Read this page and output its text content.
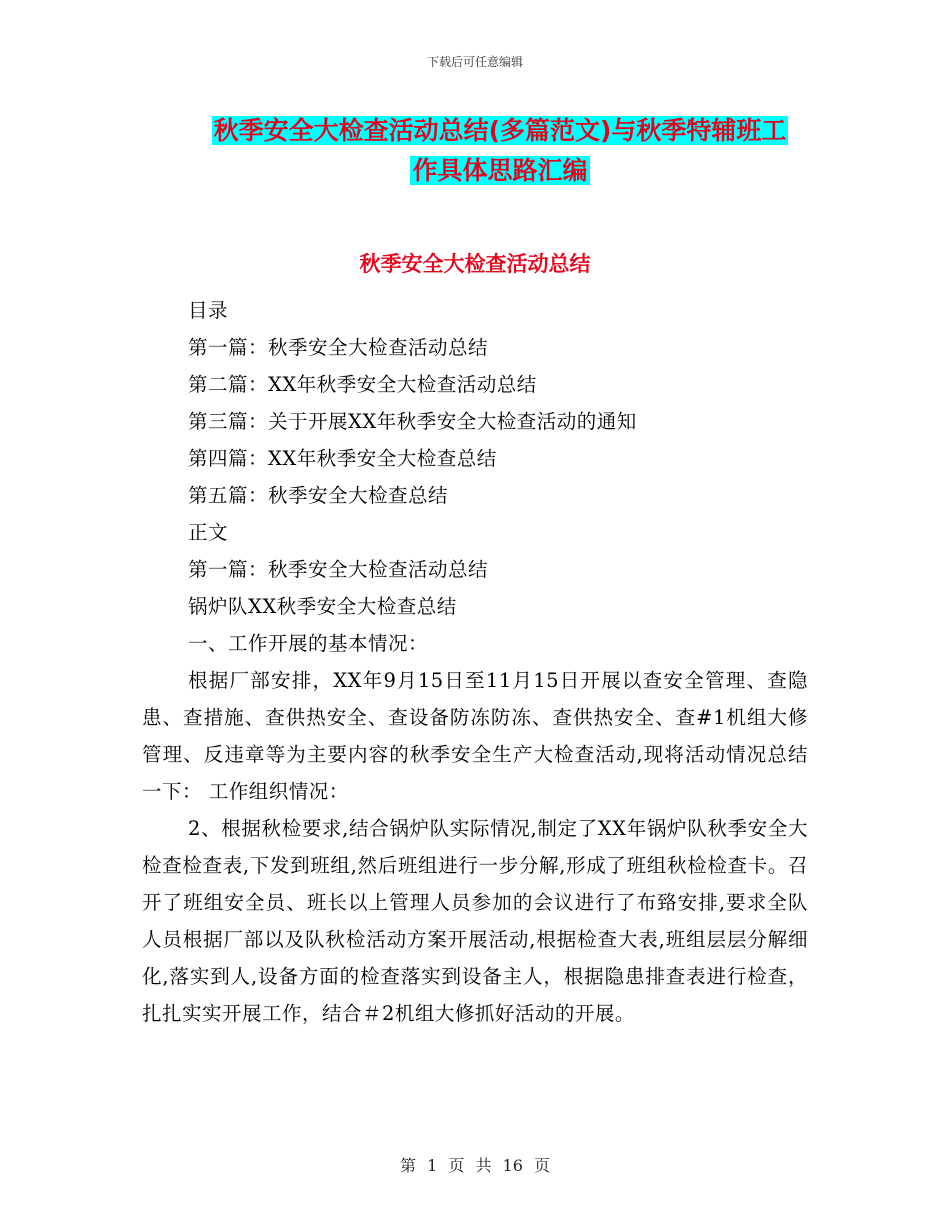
下载后可任意编辑
秋季安全大检查活动总结(多篇范文)与秋季特辅班工
作具体思路汇编
秋季安全大检查活动总结

目录

第一篇：秋季安全大检查活动总结

第二篇：XX年秋季安全大检查活动总结

第三篇：关于开展XX年秋季安全大检查活动的通知

第四篇：XX年秋季安全大检查总结

第五篇：秋季安全大检查总结

正文

第一篇：秋季安全大检查活动总结

锅炉队XX秋季安全大检查总结

一、工作开展的基本情况：

根据厂部安排，XX年9月15日至11月15日开展以查安全管理、查隐患、查措施、查供热安全、查设备防冻防冻、查供热安全、查#1机组大修管理、反违章等为主要内容的秋季安全生产大检查活动,现将活动情况总结一下： 工作组织情况：

2、根据秋检要求,结合锅炉队实际情况,制定了XX年锅炉队秋季安全大检查检查表,下发到班组,然后班组进行一步分解,形成了班组秋检检查卡。召开了班组安全员、班长以上管理人员参加的会议进行了布臵安排,要求全队人员根据厂部以及队秋检活动方案开展活动,根据检查大表,班组层层分解细化,落实到人,设备方面的检查落实到设备主人，根据隐患排查表进行检查，扎扎实实开展工作，结合＃2机组大修抓好活动的开展。

第 1 页 共 16 页
